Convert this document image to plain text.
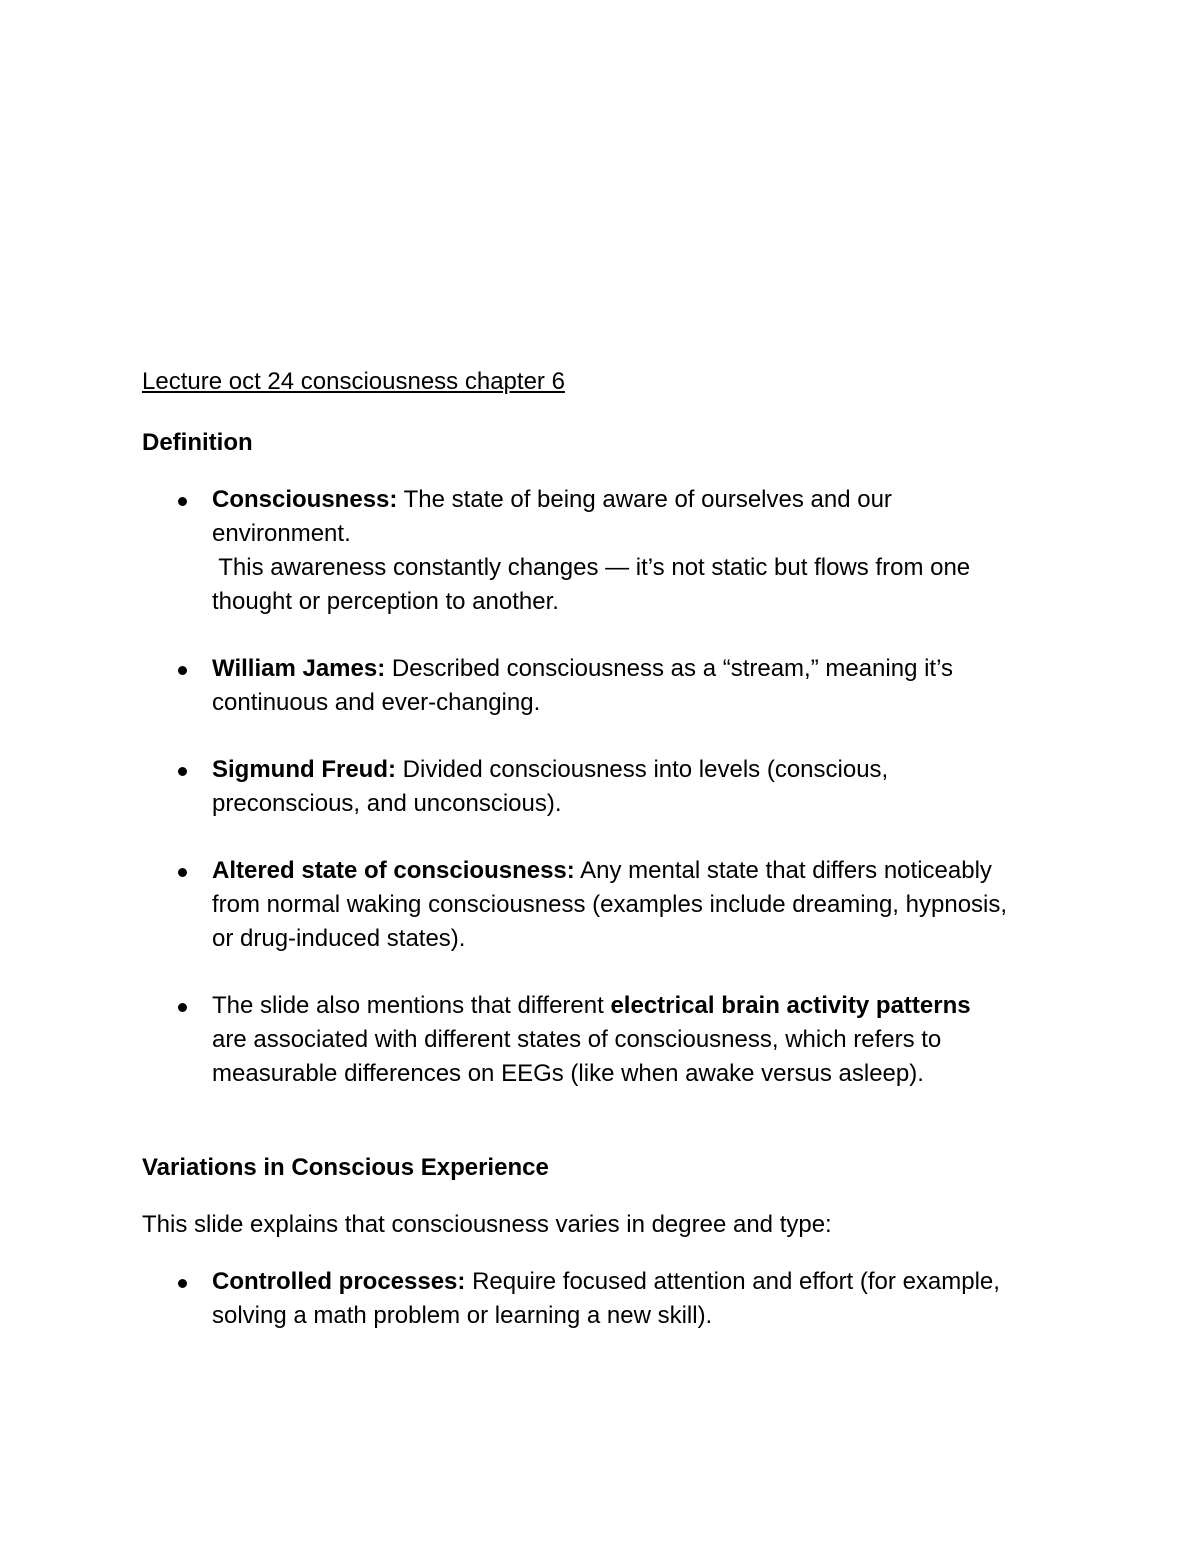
Lecture oct 24 consciousness chapter 6
Definition
Consciousness: The state of being aware of ourselves and our
environment.
This awareness constantly changes — it’s not static but flows from one
thought or perception to another.
William James: Described consciousness as a “stream,” meaning it’s
continuous and ever-changing.
Sigmund Freud: Divided consciousness into levels (conscious,
preconscious, and unconscious).
Altered state of consciousness: Any mental state that differs noticeably
from normal waking consciousness (examples include dreaming, hypnosis,
or drug-induced states).
The slide also mentions that different electrical brain activity patterns
are associated with different states of consciousness, which refers to
measurable differences on EEGs (like when awake versus asleep).
Variations in Conscious Experience
This slide explains that consciousness varies in degree and type:
Controlled processes: Require focused attention and effort (for example,
solving a math problem or learning a new skill).
